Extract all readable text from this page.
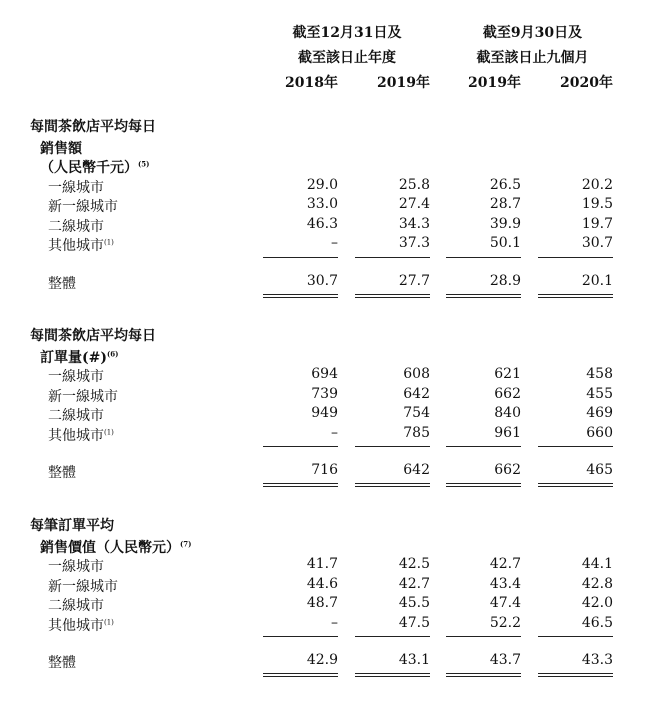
截至12月31日及
截至該日止年度
截至9月30日及
截至該日止九個月
2018年	2019年	2019年	2020年
每間茶飲店平均每日
銷售額
（人民幣千元）$^{(5)}$
一線城市	29.0	25.8	26.5	20.2
新一線城市	33.0	27.4	28.7	19.5
二線城市	46.3	34.3	39.9	19.7
其他城市$^{(1)}$	–	37.3	50.1	30.7
整體	30.7	27.7	28.9	20.1
每間茶飲店平均每日
訂單量(#)$^{(6)}$
一線城市	694	608	621	458
新一線城市	739	642	662	455
二線城市	949	754	840	469
其他城市$^{(1)}$	–	785	961	660
整體	716	642	662	465
每筆訂單平均
銷售價值（人民幣元）$^{(7)}$
一線城市	41.7	42.5	42.7	44.1
新一線城市	44.6	42.7	43.4	42.8
二線城市	48.7	45.5	47.4	42.0
其他城市$^{(1)}$	–	47.5	52.2	46.5
整體	42.9	43.1	43.7	43.3
